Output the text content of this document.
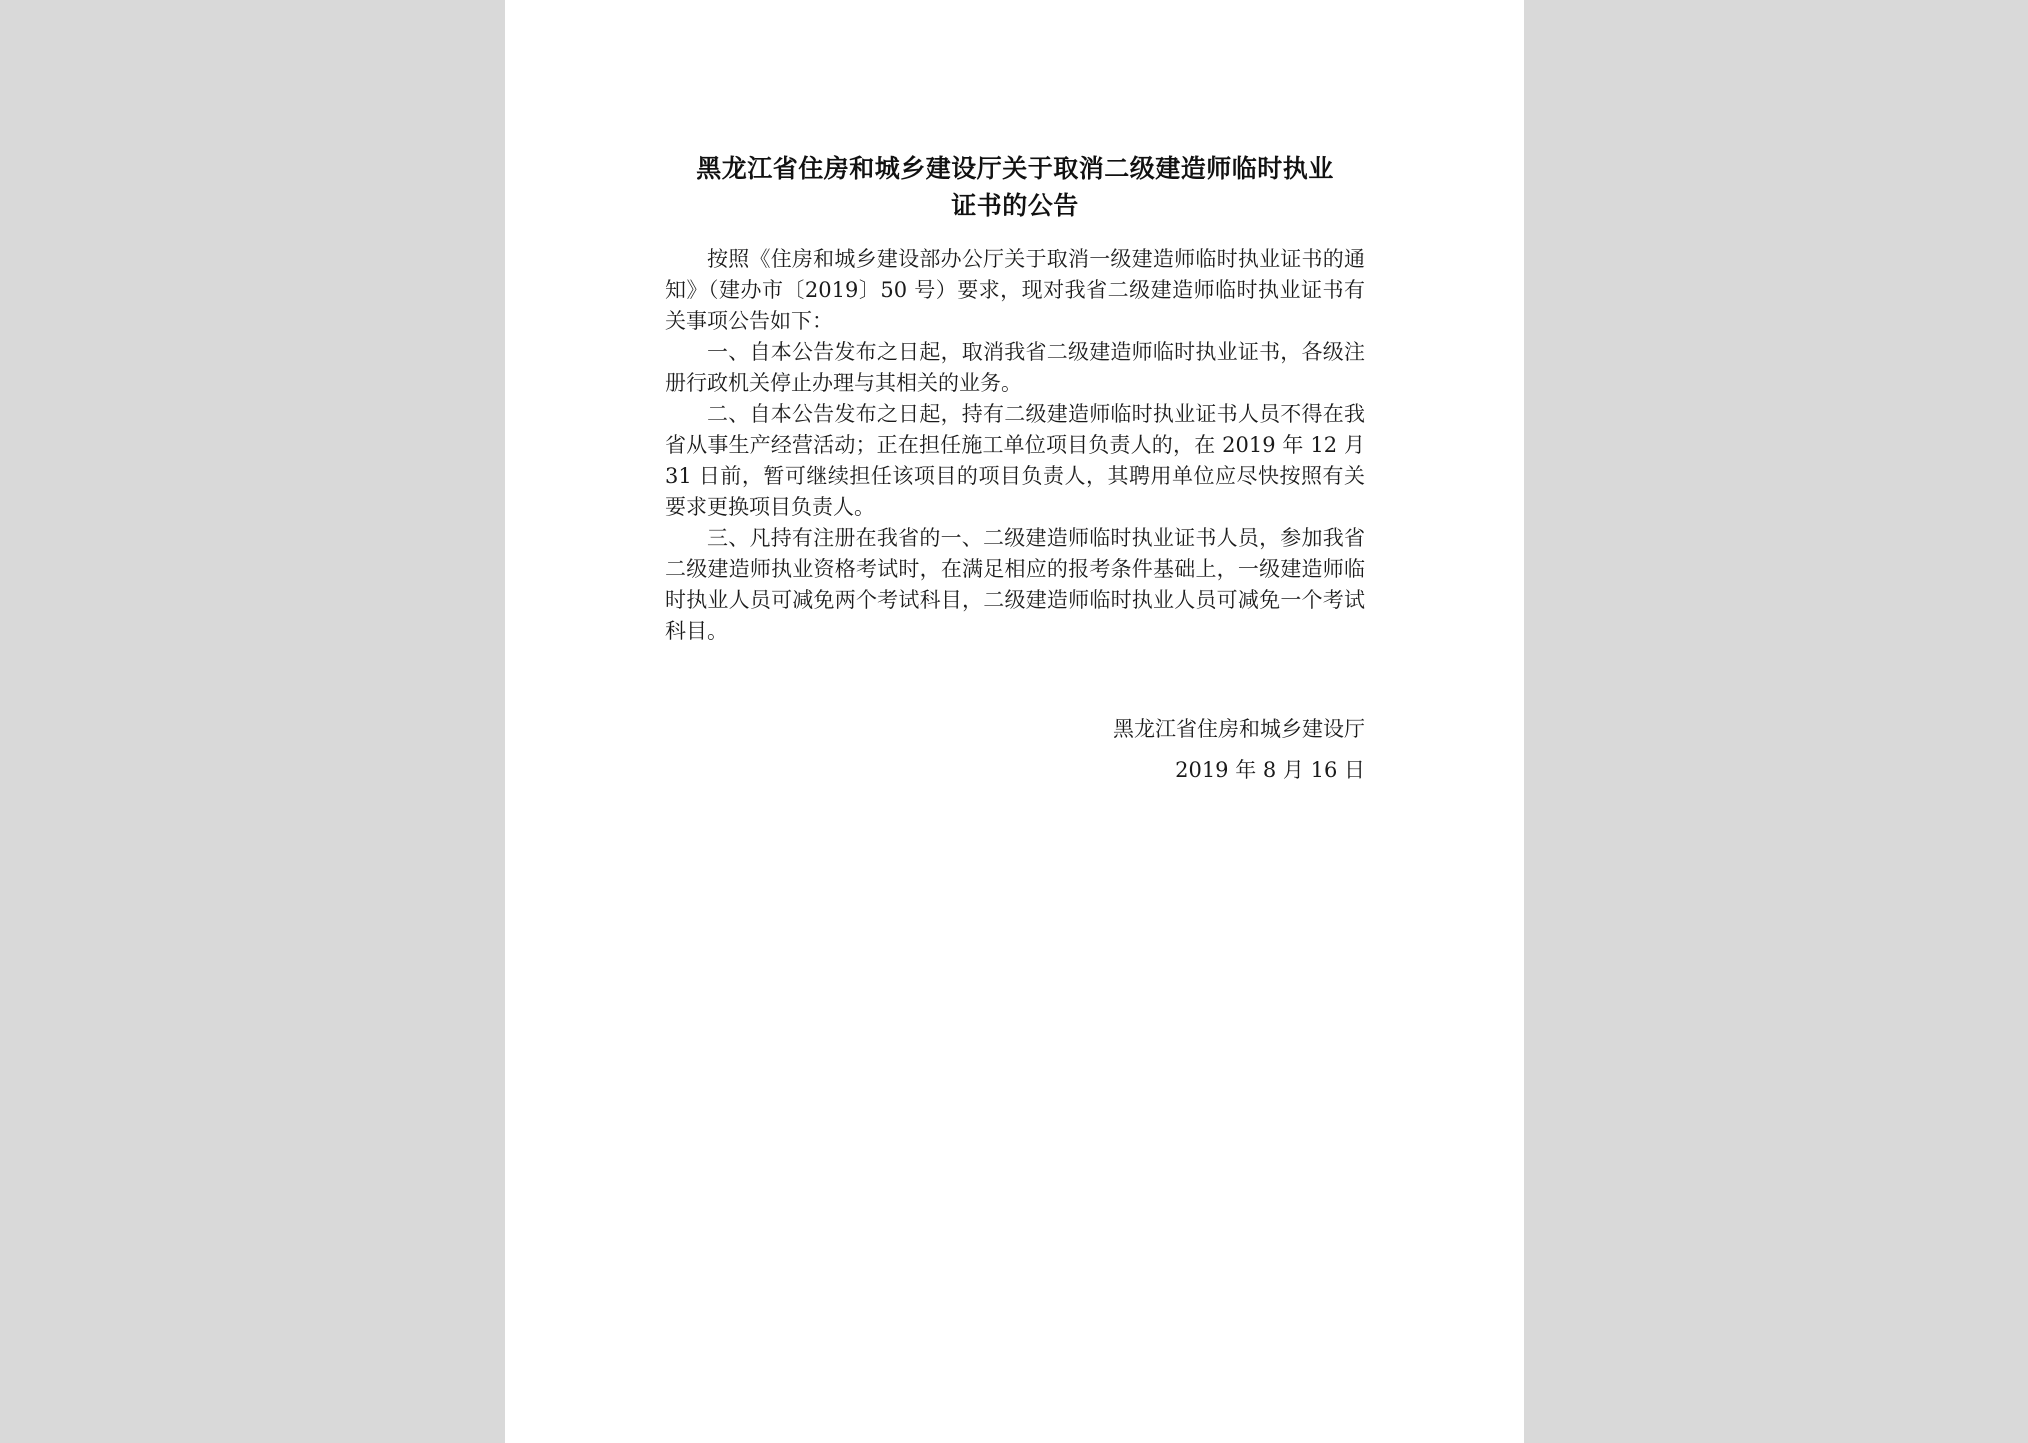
黑龙江省住房和城乡建设厅关于取消二级建造师临时执业
证书的公告

按照《住房和城乡建设部办公厅关于取消一级建造师临时执业证书的通知》（建办市〔2019〕50 号）要求，现对我省二级建造师临时执业证书有关事项公告如下：

一、自本公告发布之日起，取消我省二级建造师临时执业证书，各级注册行政机关停止办理与其相关的业务。

二、自本公告发布之日起，持有二级建造师临时执业证书人员不得在我省从事生产经营活动；正在担任施工单位项目负责人的，在 2019 年 12 月 31 日前，暂可继续担任该项目的项目负责人，其聘用单位应尽快按照有关要求更换项目负责人。

三、凡持有注册在我省的一、二级建造师临时执业证书人员，参加我省二级建造师执业资格考试时，在满足相应的报考条件基础上，一级建造师临时执业人员可减免两个考试科目，二级建造师临时执业人员可减免一个考试科目。

黑龙江省住房和城乡建设厅
2019 年 8 月 16 日
